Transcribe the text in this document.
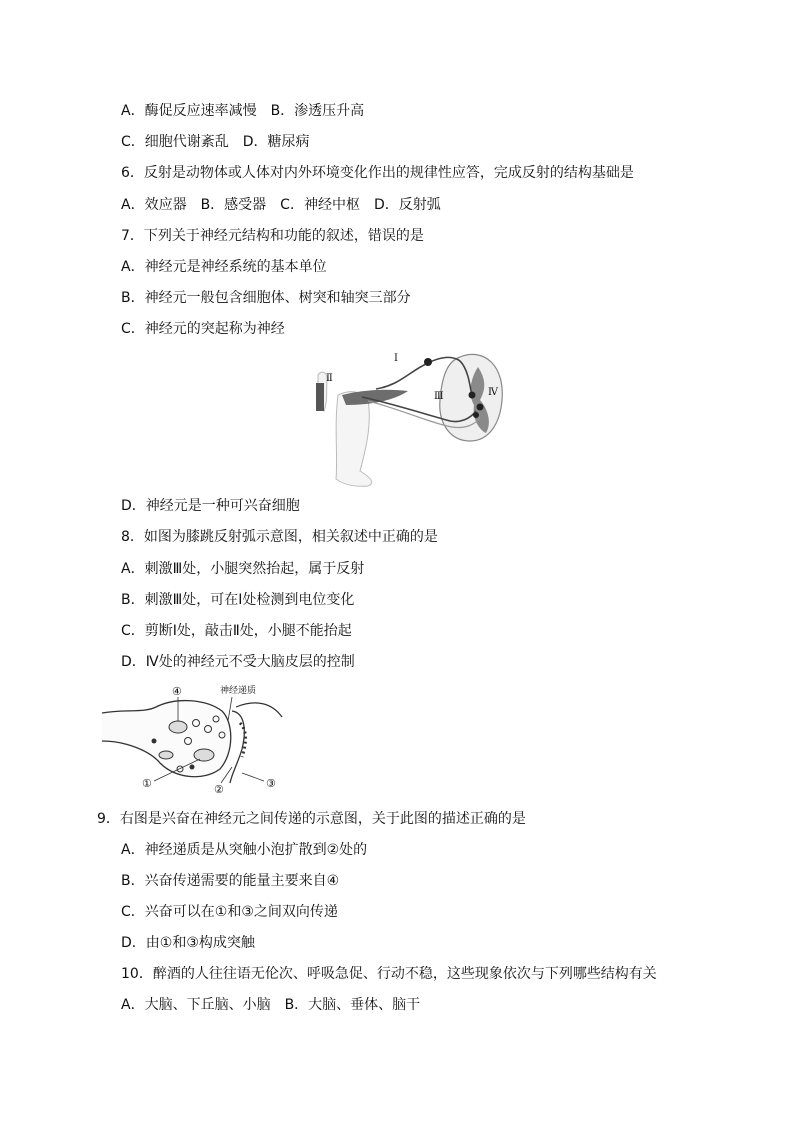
A．酶促反应速率减慢　B．渗透压升高
C．细胞代谢紊乱　D．糖尿病
6．反射是动物体或人体对内外环境变化作出的规律性应答，完成反射的结构基础是
A．效应器　B．感受器　C．神经中枢　D．反射弧
7．下列关于神经元结构和功能的叙述，错误的是
A．神经元是神经系统的基本单位
B．神经元一般包含细胞体、树突和轴突三部分
C．神经元的突起称为神经
Ⅰ
Ⅱ
Ⅲ	Ⅳ
D．神经元是一种可兴奋细胞
8．如图为膝跳反射弧示意图，相关叙述中正确的是
A．刺激Ⅲ处，小腿突然抬起，属于反射
B．刺激Ⅲ处，可在Ⅰ处检测到电位变化
C．剪断Ⅰ处，敲击Ⅱ处，小腿不能抬起
D．Ⅳ处的神经元不受大脑皮层的控制
④	神经递质
①	②	③
9．右图是兴奋在神经元之间传递的示意图，关于此图的描述正确的是
A．神经递质是从突触小泡扩散到②处的
B．兴奋传递需要的能量主要来自④
C．兴奋可以在①和③之间双向传递
D．由①和③构成突触
10．醉酒的人往往语无伦次、呼吸急促、行动不稳，这些现象依次与下列哪些结构有关
A．大脑、下丘脑、小脑　B．大脑、垂体、脑干
